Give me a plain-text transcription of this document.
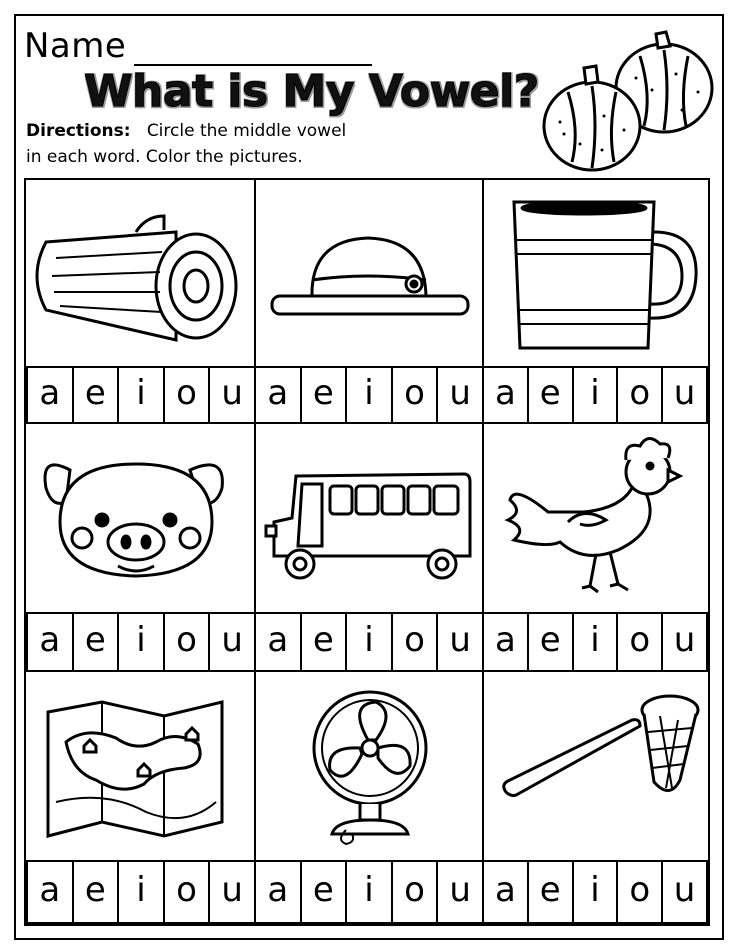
Name
What is My Vowel?
Directions: Circle the middle vowel
in each word. Color the pictures.
a e i o u a e i o u a e i o u
a e i o u a e i o u a e i o u
a e i o u a e i o u a e i o u
